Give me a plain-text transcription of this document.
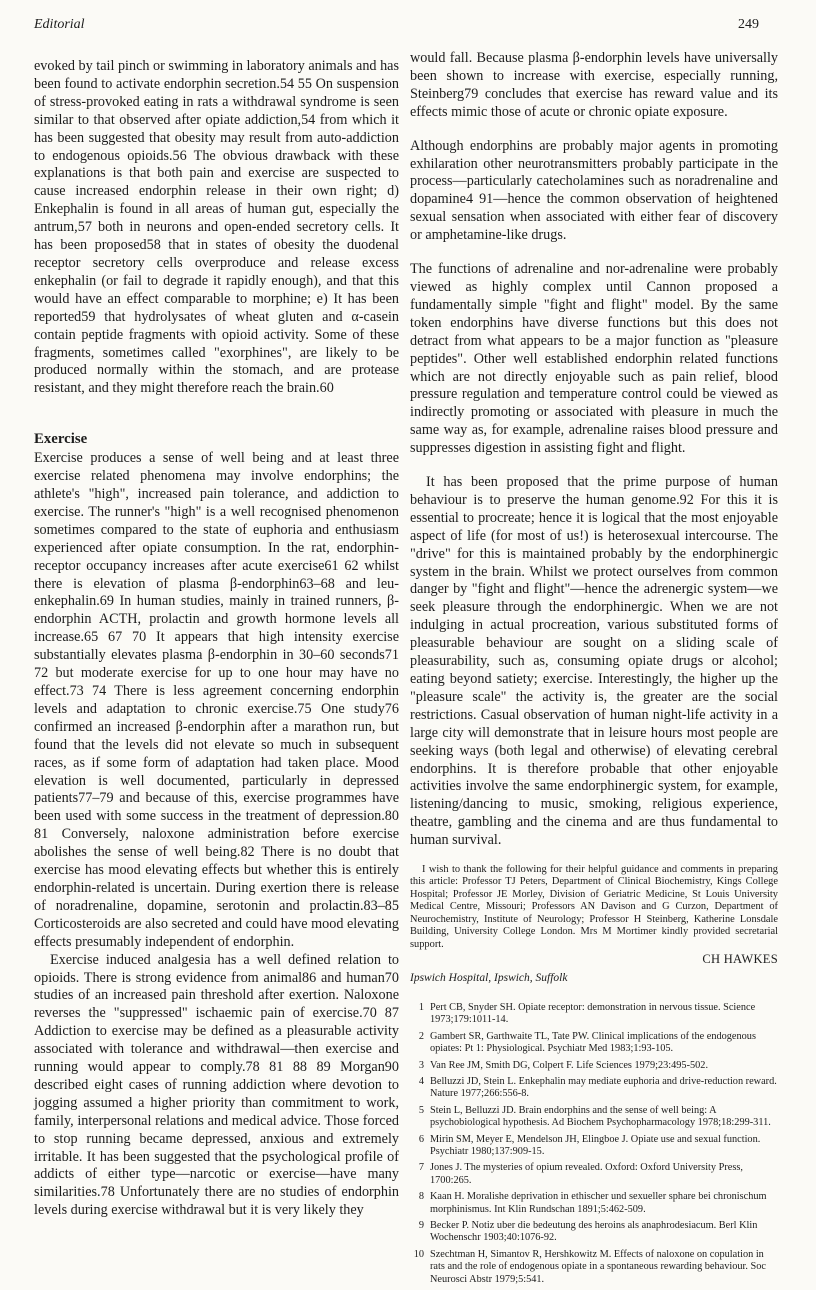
Editorial	249

evoked by tail pinch or swimming in laboratory animals and has been found to activate endorphin secretion.54 55 On suspension of stress-provoked eating in rats a withdrawal syndrome is seen similar to that observed after opiate addiction,54 from which it has been suggested that obesity may result from auto-addiction to endogenous opioids.56 The obvious drawback with these explanations is that both pain and exercise are suspected to cause increased endorphin release in their own right; d) Enkephalin is found in all areas of human gut, especially the antrum,57 both in neurons and open-ended secretory cells. It has been proposed58 that in states of obesity the duodenal receptor secretory cells overproduce and release excess enkephalin (or fail to degrade it rapidly enough), and that this would have an effect comparable to morphine; e) It has been reported59 that hydrolysates of wheat gluten and α-casein contain peptide fragments with opioid activity. Some of these fragments, sometimes called "exorphines", are likely to be produced normally within the stomach, and are protease resistant, and they might therefore reach the brain.60

Exercise

Exercise produces a sense of well being and at least three exercise related phenomena may involve endorphins; the athlete's "high", increased pain tolerance, and addiction to exercise. The runner's "high" is a well recognised phenomenon sometimes compared to the state of euphoria and enthusiasm experienced after opiate consumption. In the rat, endorphin-receptor occupancy increases after acute exercise61 62 whilst there is elevation of plasma β-endorphin63–68 and leu-enkephalin.69 In human studies, mainly in trained runners, β-endorphin ACTH, prolactin and growth hormone levels all increase.65 67 70 It appears that high intensity exercise substantially elevates plasma β-endorphin in 30–60 seconds71 72 but moderate exercise for up to one hour may have no effect.73 74 There is less agreement concerning endorphin levels and adaptation to chronic exercise.75 One study76 confirmed an increased β-endorphin after a marathon run, but found that the levels did not elevate so much in subsequent races, as if some form of adaptation had taken place. Mood elevation is well documented, particularly in depressed patients77–79 and because of this, exercise programmes have been used with some success in the treatment of depression.80 81 Conversely, naloxone administration before exercise abolishes the sense of well being.82 There is no doubt that exercise has mood elevating effects but whether this is entirely endorphin-related is uncertain. During exertion there is release of noradrenaline, dopamine, serotonin and prolactin.83–85 Corticosteroids are also secreted and could have mood elevating effects presumably independent of endorphin.

Exercise induced analgesia has a well defined relation to opioids. There is strong evidence from animal86 and human70 studies of an increased pain threshold after exertion. Naloxone reverses the "suppressed" ischaemic pain of exercise.70 87 Addiction to exercise may be defined as a pleasurable activity associated with tolerance and withdrawal—then exercise and running would appear to comply.78 81 88 89 Morgan90 described eight cases of running addiction where devotion to jogging assumed a higher priority than commitment to work, family, interpersonal relations and medical advice. Those forced to stop running became depressed, anxious and extremely irritable. It has been suggested that the psychological profile of addicts of either type—narcotic or exercise—have many similarities.78 Unfortunately there are no studies of endorphin levels during exercise withdrawal but it is very likely they

would fall. Because plasma β-endorphin levels have universally been shown to increase with exercise, especially running, Steinberg79 concludes that exercise has reward value and its effects mimic those of acute or chronic opiate exposure.

Although endorphins are probably major agents in promoting exhilaration other neurotransmitters probably participate in the process—particularly catecholamines such as noradrenaline and dopamine4 91—hence the common observation of heightened sexual sensation when associated with either fear of discovery or amphetamine-like drugs.

The functions of adrenaline and nor-adrenaline were probably viewed as highly complex until Cannon proposed a fundamentally simple "fight and flight" model. By the same token endorphins have diverse functions but this does not detract from what appears to be a major function as "pleasure peptides". Other well established endorphin related functions which are not directly enjoyable such as pain relief, blood pressure regulation and temperature control could be viewed as indirectly promoting or associated with pleasure in much the same way as, for example, adrenaline raises blood pressure and suppresses digestion in assisting fight and flight.

It has been proposed that the prime purpose of human behaviour is to preserve the human genome.92 For this it is essential to procreate; hence it is logical that the most enjoyable aspect of life (for most of us!) is heterosexual intercourse. The "drive" for this is maintained probably by the endorphinergic system in the brain. Whilst we protect ourselves from common danger by "fight and flight"—hence the adrenergic system—we seek pleasure through the endorphinergic. When we are not indulging in actual procreation, various substituted forms of pleasurable behaviour are sought on a sliding scale of pleasurability, such as, consuming opiate drugs or alcohol; eating beyond satiety; exercise. Interestingly, the higher up the "pleasure scale" the activity is, the greater are the social restrictions. Casual observation of human night-life activity in a large city will demonstrate that in leisure hours most people are seeking ways (both legal and otherwise) of elevating cerebral endorphins. It is therefore probable that other enjoyable activities involve the same endorphinergic system, for example, listening/dancing to music, smoking, religious experience, theatre, gambling and the cinema and are thus fundamental to human survival.

I wish to thank the following for their helpful guidance and comments in preparing this article: Professor TJ Peters, Department of Clinical Biochemistry, Kings College Hospital; Professor JE Morley, Division of Geriatric Medicine, St Louis University Medical Centre, Missouri; Professors AN Davison and G Curzon, Department of Neurochemistry, Institute of Neurology; Professor H Steinberg, Katherine Lonsdale Building, University College London. Mrs M Mortimer kindly provided secretarial support.

CH HAWKES
Ipswich Hospital, Ipswich, Suffolk
1 Pert CB, Snyder SH. Opiate receptor: demonstration in nervous tissue. Science 1973;179:1011-14.
2 Gambert SR, Garthwaite TL, Tate PW. Clinical implications of the endogenous opiates: Pt 1: Physiological. Psychiatr Med 1983;1:93-105.
3 Van Ree JM, Smith DG, Colpert F. Life Sciences 1979;23:495-502.
4 Belluzzi JD, Stein L. Enkephalin may mediate euphoria and drive-reduction reward. Nature 1977;266:556-8.
5 Stein L, Belluzzi JD. Brain endorphins and the sense of well being: A psychobiological hypothesis. Ad Biochem Psychopharmacology 1978;18:299-311.
6 Mirin SM, Meyer E, Mendelson JH, Elingboe J. Opiate use and sexual function. Psychiatr 1980;137:909-15.
7 Jones J. The mysteries of opium revealed. Oxford: Oxford University Press, 1700:265.
8 Kaan H. Moralishe deprivation in ethischer und sexueller sphare bei chronischum morphinismus. Int Klin Rundschan 1891;5:462-509.
9 Becker P. Notiz uber die bedeutung des heroins als anaphrodesiacum. Berl Klin Wochenschr 1903;40:1076-92.
10 Szechtman H, Simantov R, Hershkowitz M. Effects of naloxone on copulation in rats and the role of endogenous opiate in a spontaneous rewarding behaviour. Soc Neurosci Abstr 1979;5:541.
